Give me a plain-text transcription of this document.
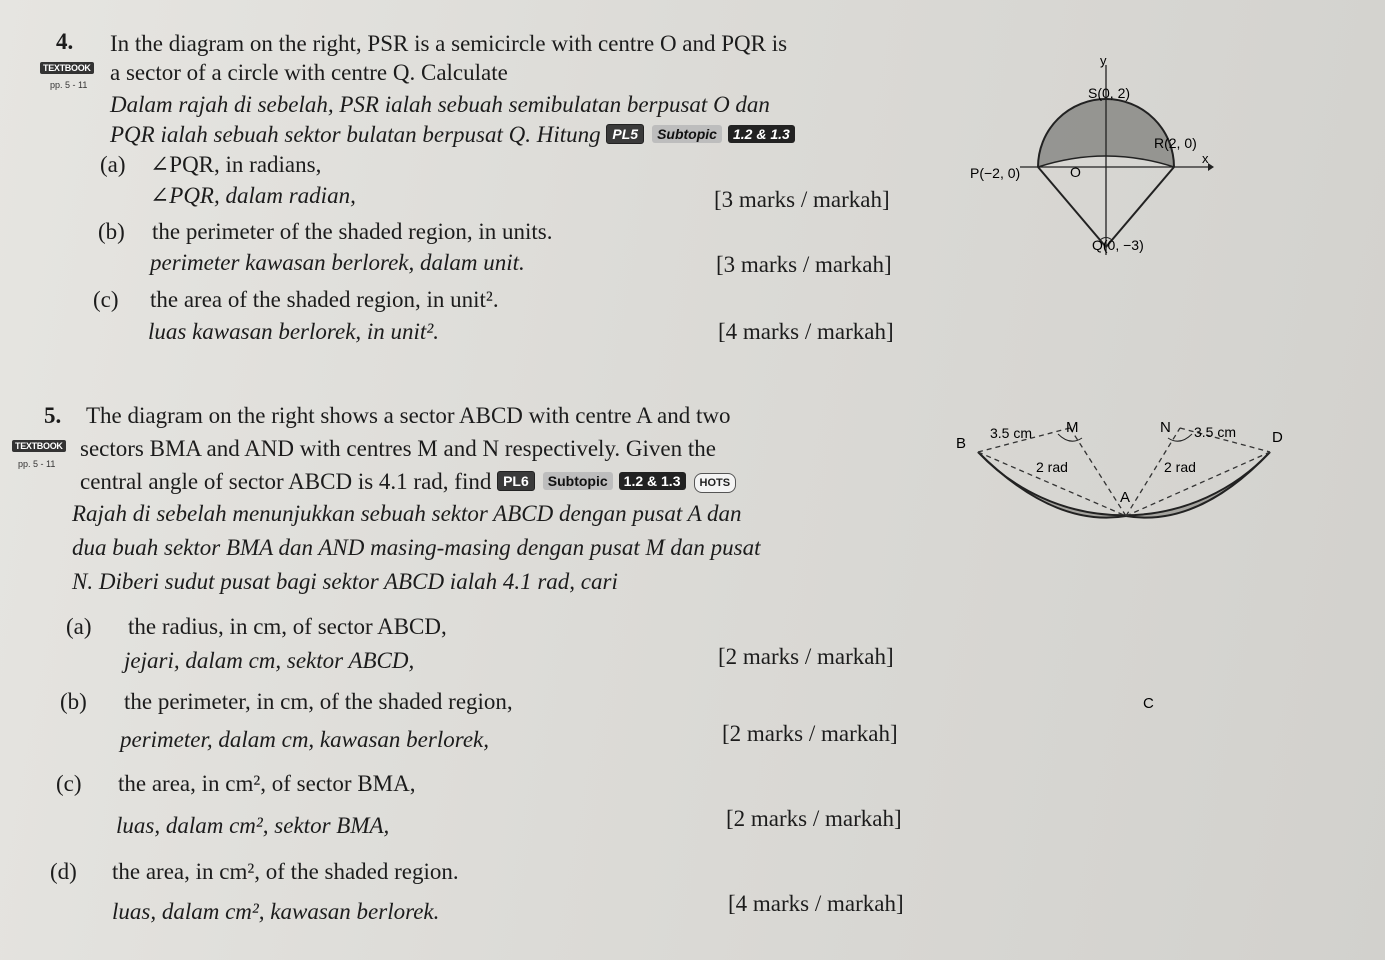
4.
TEXTBOOK
pp. 5 - 11
In the diagram on the right, PSR is a semicircle with centre O and PQR is
a sector of a circle with centre Q. Calculate
Dalam rajah di sebelah, PSR ialah sebuah semibulatan berpusat O dan
PQR ialah sebuah sektor bulatan berpusat Q. Hitung PL5 Subtopic 1.2 & 1.3
(a) ∠PQR, in radians,
∠PQR, dalam radian,	[3 marks / markah]
(b) the perimeter of the shaded region, in units.
perimeter kawasan berlorek, dalam unit.	[3 marks / markah]
(c) the area of the shaded region, in unit².
luas kawasan berlorek, in unit².	[4 marks / markah]
y
x
S(0, 2)
R(2, 0)
P(−2, 0)	O
Q(0, −3)
5.
TEXTBOOK
pp. 5 - 11
The diagram on the right shows a sector ABCD with centre A and two
sectors BMA and AND with centres M and N respectively. Given the
central angle of sector ABCD is 4.1 rad, find PL6 Subtopic 1.2 & 1.3 HOTS
Rajah di sebelah menunjukkan sebuah sektor ABCD dengan pusat A dan
dua buah sektor BMA dan AND masing-masing dengan pusat M dan pusat
N. Diberi sudut pusat bagi sektor ABCD ialah 4.1 rad, cari
(a) the radius, in cm, of sector ABCD,
jejari, dalam cm, sektor ABCD,	[2 marks / markah]
(b) the perimeter, in cm, of the shaded region,
perimeter, dalam cm, kawasan berlorek,	[2 marks / markah]
(c) the area, in cm², of sector BMA,
luas, dalam cm², sektor BMA,	[2 marks / markah]
(d) the area, in cm², of the shaded region.
luas, dalam cm², kawasan berlorek.	[4 marks / markah]
B
M	N
D
A
C
3.5 cm	3.5 cm
2 rad	2 rad
